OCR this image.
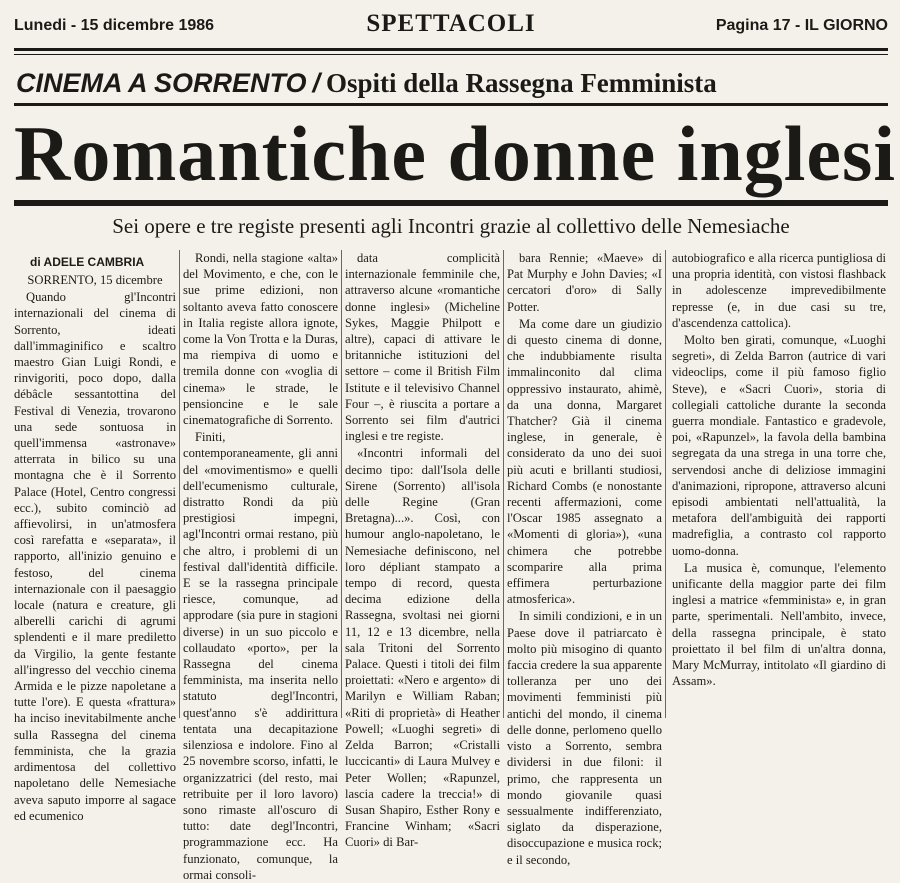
Lunedi - 15 dicembre 1986	SPETTACOLI	Pagina 17 - IL GIORNO
CINEMA A SORRENTO / Ospiti della Rassegna Femminista
Romantiche donne inglesi
Sei opere e tre registe presenti agli Incontri grazie al collettivo delle Nemesiache
di ADELE CAMBRIA

SORRENTO, 15 dicembre

Quando gl'Incontri internazionali del cinema di Sorrento, ideati dall'immaginifico e scaltro maestro Gian Luigi Rondi, e rinvigoriti, poco dopo, dalla débâcle sessantottina del Festival di Venezia, trovarono una sede sontuosa in quell'immensa «astronave» atterrata in bilico su una montagna che è il Sorrento Palace (Hotel, Centro congressi ecc.), subito cominciò ad affievolirsi, in un'atmosfera così rarefatta e «separata», il rapporto, all'inizio genuino e festoso, del cinema internazionale con il paesaggio locale (natura e creature, gli alberelli carichi di agrumi splendenti e il mare prediletto da Virgilio, la gente festante all'ingresso del vecchio cinema Armida e le pizze napoletane a tutte l'ore). E questa «frattura» ha inciso inevitabilmente anche sulla Rassegna del cinema femminista, che la grazia ardimentosa del collettivo napoletano delle Nemesiache aveva saputo imporre al sagace ed ecumenico

Rondi, nella stagione «alta» del Movimento, e che, con le sue prime edizioni, non soltanto aveva fatto conoscere in Italia registe allora ignote, come la Von Trotta e la Duras, ma riempiva di uomo e tremila donne con «voglia di cinema» le strade, le pensioncine e le sale cinematografiche di Sorrento.

Finiti, contemporaneamente, gli anni del «movimentismo» e quelli dell'ecumenismo culturale, distratto Rondi da più prestigiosi impegni, agl'Incontri ormai restano, più che altro, i problemi di un festival dall'identità difficile. E se la rassegna principale riesce, comunque, ad approdare (sia pure in stagioni diverse) in un suo piccolo e collaudato «porto», per la Rassegna del cinema femminista, ma inserita nello statuto degl'Incontri, quest'anno s'è addirittura tentata una decapitazione silenziosa e indolore. Fino al 25 novembre scorso, infatti, le organizzatrici (del resto, mai retribuite per il loro lavoro) sono rimaste all'oscuro di tutto: date degl'Incontri, programmazione ecc. Ha funzionato, comunque, la ormai consoli-

data complicità internazionale femminile che, attraverso alcune «romantiche donne inglesi» (Micheline Sykes, Maggie Philpott e altre), capaci di attivare le britanniche istituzioni del settore – come il British Film Istitute e il televisivo Channel Four –, è riuscita a portare a Sorrento sei film d'autrici inglesi e tre registe.

«Incontri informali del decimo tipo: dall'Isola delle Sirene (Sorrento) all'isola delle Regine (Gran Bretagna)...». Così, con humour anglo-napoletano, le Nemesiache definiscono, nel loro dépliant stampato a tempo di record, questa decima edizione della Rassegna, svoltasi nei giorni 11, 12 e 13 dicembre, nella sala Tritoni del Sorrento Palace. Questi i titoli dei film proiettati: «Nero e argento» di Marilyn e William Raban; «Riti di proprietà» di Heather Powell; «Luoghi segreti» di Zelda Barron; «Cristalli luccicanti» di Laura Mulvey e Peter Wollen; «Rapunzel, lascia cadere la treccia!» di Susan Shapiro, Esther Rony e Francine Winham; «Sacri Cuori» di Bar-

bara Rennie; «Maeve» di Pat Murphy e John Davies; «I cercatori d'oro» di Sally Potter.

Ma come dare un giudizio di questo cinema di donne, che indubbiamente risulta immalinconito dal clima oppressivo instaurato, ahimè, da una donna, Margaret Thatcher? Già il cinema inglese, in generale, è considerato da uno dei suoi più acuti e brillanti studiosi, Richard Combs (e nonostante recenti affermazioni, come l'Oscar 1985 assegnato a «Momenti di gloria»), «una chimera che potrebbe scomparire alla prima effimera perturbazione atmosferica».

In simili condizioni, e in un Paese dove il patriarcato è molto più misogino di quanto faccia credere la sua apparente tolleranza per uno dei movimenti femministi più antichi del mondo, il cinema delle donne, perlomeno quello visto a Sorrento, sembra dividersi in due filoni: il primo, che rappresenta un mondo giovanile quasi sessualmente indifferenziato, siglato da disperazione, disoccupazione e musica rock; e il secondo,

autobiografico e alla ricerca puntigliosa di una propria identità, con vistosi flashback in adolescenze imprevedibilmente represse (e, in due casi su tre, d'ascendenza cattolica).

Molto ben girati, comunque, «Luoghi segreti», di Zelda Barron (autrice di vari videoclips, come il più famoso figlio Steve), e «Sacri Cuori», storia di collegiali cattoliche durante la seconda guerra mondiale. Fantastico e gradevole, poi, «Rapunzel», la favola della bambina segregata da una strega in una torre che, servendosi anche di deliziose immagini d'animazioni, ripropone, attraverso alcuni episodi ambientati nell'attualità, la metafora dell'ambiguità dei rapporti madrefiglia, a contrasto col rapporto uomo-donna.

La musica è, comunque, l'elemento unificante della maggior parte dei film inglesi a matrice «femminista» e, in gran parte, sperimentali. Nell'ambito, invece, della rassegna principale, è stato proiettato il bel film di un'altra donna, Mary McMurray, intitolato «Il giardino di Assam».
